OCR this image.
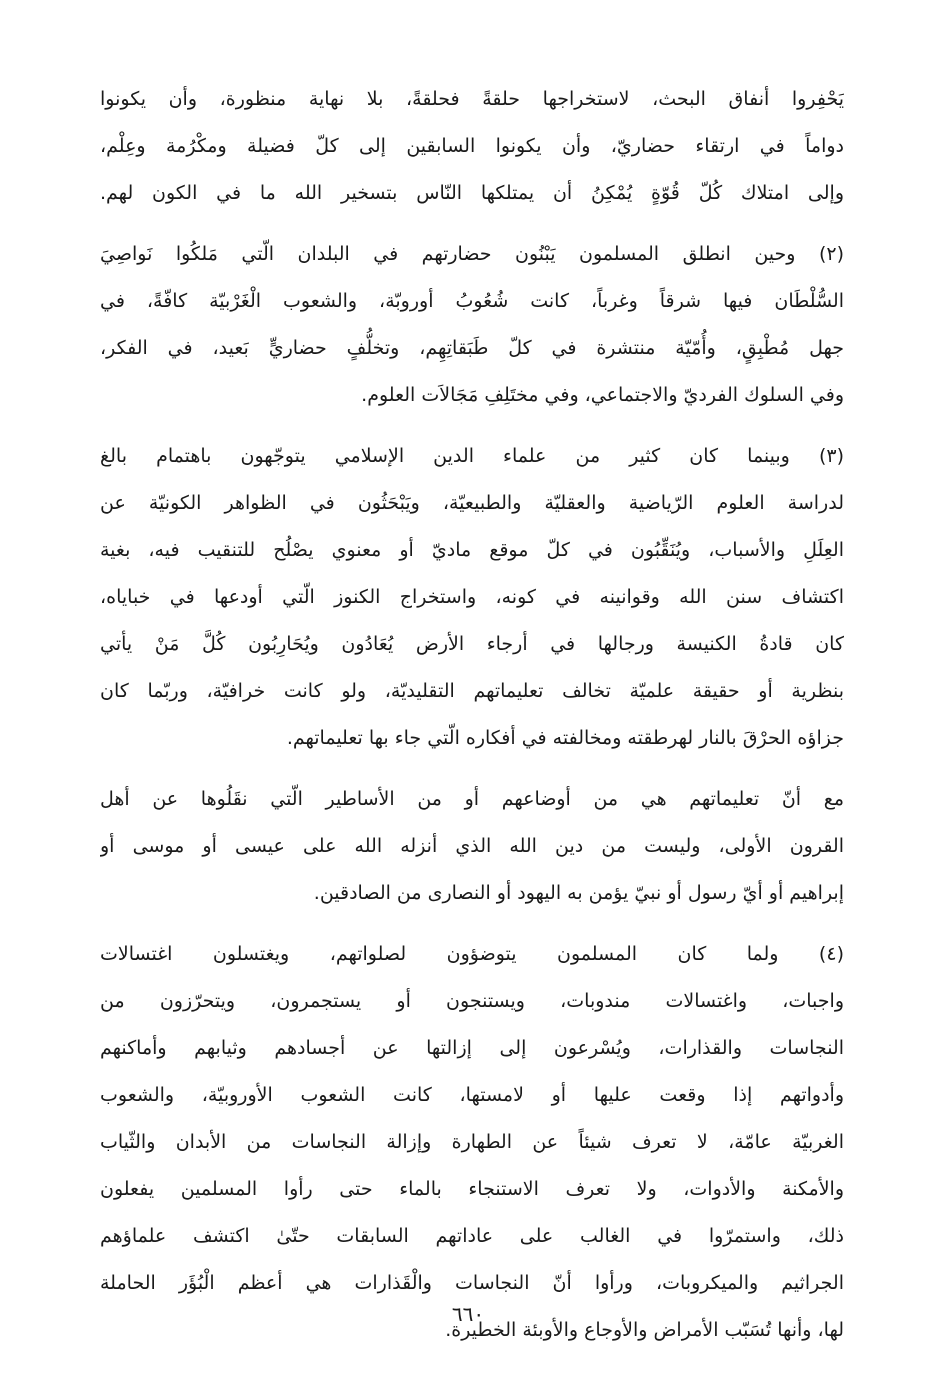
يَحْفِروا أنفاق البحث، لاستخراجها حلقةً فحلقةً، بلا نهاية منظورة، وأن يكونوا
دواماً في ارتقاء حضاريّ، وأن يكونوا السابقين إلى كلّ فضيلة ومكْرُمة وعِلْم،
وإلى امتلاك كُلّ قُوّةٍ يُمْكِنُ أن يمتلكها النّاس بتسخير الله ما في الكون لهم.
(٢) وحين انطلق المسلمون يَبْنُون حضارتهم في البلدان الّتي مَلكُوا نَواصِيَ
السُّلْطَان فيها شرقاً وغرباً، كانت شُعُوبُ أوروبّة، والشعوب الْغَرْبيّة كافّةً، في
جهل مُطْبِقٍ، وأُمّيّة منتشرة في كلّ طَبَقاتِهِم، وتخلُّفٍ حضاريٍّ بَعيد، في الفكر،
وفي السلوك الفرديّ والاجتماعي، وفي مختَلِفِ مَجَالاَت العلوم.
(٣) وبينما كان كثير من علماء الدين الإسلامي يتوجّهون باهتمام بالغ
لدراسة العلوم الرّياضية والعقليّة والطبيعيّة، ويَبْحَثُون في الظواهر الكونيّة عن
العِلَلِ والأسباب، ويُنَقِّبُون في كلّ موقع ماديّ أو معنوي يصْلُح للتنقيب فيه، بغية
اكتشاف سنن الله وقوانينه في كونه، واستخراج الكنوز الّتي أودعها في خباياه،
كان قادةُ الكنيسة ورجالها في أرجاء الأرض يُعَادُون ويُحَارِبُون كُلَّ مَنْ يأتي
بنظرية أو حقيقة علميّة تخالف تعليماتهم التقليديّة، ولو كانت خرافيّة، وربّما كان
جزاؤه الحرْقَ بالنار لهرطقته ومخالفته في أفكاره الّتي جاء بها تعليماتهم.
مع أنّ تعليماتهم هي من أوضاعهم أو من الأساطير الّتي نقَلُوها عن أهل
القرون الأولى، وليست من دين الله الذي أنزله الله على عيسى أو موسى أو
إبراهيم أو أيّ رسول أو نبيّ يؤمن به اليهود أو النصارى من الصادقين.
(٤) ولما كان المسلمون يتوضؤون لصلواتهم، ويغتسلون اغتسالات
واجبات، واغتسالات مندوبات، ويستنجون أو يستجمرون، ويتحرّزون من
النجاسات والقذارات، ويُسْرعون إلى إزالتها عن أجسادهم وثيابهم وأماكنهم
وأدواتهم إذا وقعت عليها أو لامستها، كانت الشعوب الأوروبيّة، والشعوب
الغربيّة عامّة، لا تعرف شيئاً عن الطهارة وإزالة النجاسات من الأبدان والثّياب
والأمكنة والأدوات، ولا تعرف الاستنجاء بالماء حتى رأوا المسلمين يفعلون
ذلك، واستمرّوا في الغالب على عاداتهم السابقات حتّىٰ اكتشف علماؤهم
الجراثيم والميكروبات، ورأوا أنّ النجاسات والْقَذارات هي أعظم الْبُؤَر الحاملة
لها، وأنها تُسَبّب الأمراض والأوجاع والأوبئة الخطيرة.
٦٦٠
